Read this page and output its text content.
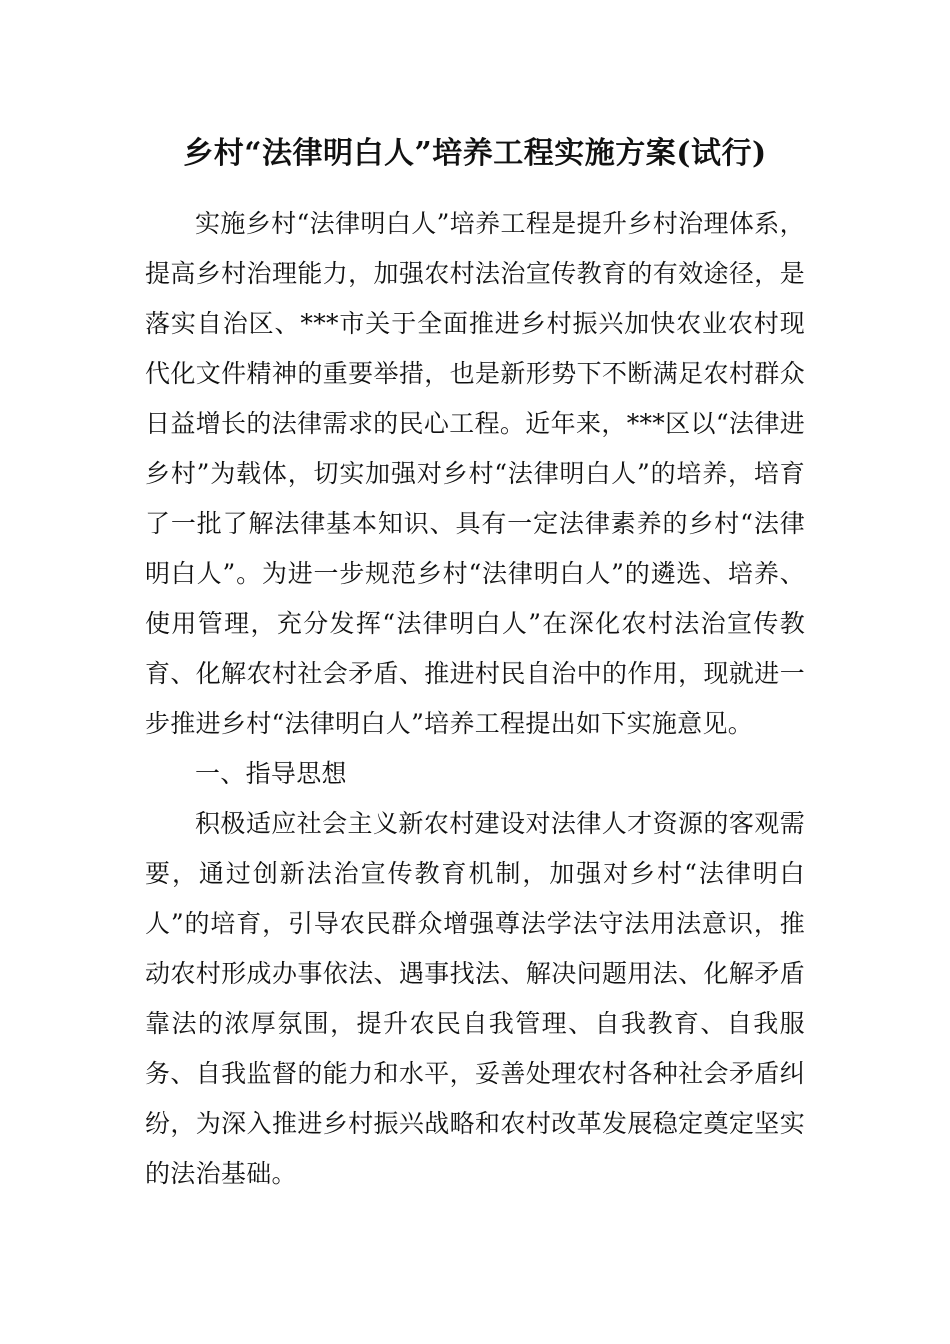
乡村“法律明白人”培养工程实施方案(试行)

实施乡村“法律明白人”培养工程是提升乡村治理体系，提高乡村治理能力，加强农村法治宣传教育的有效途径，是落实自治区、***市关于全面推进乡村振兴加快农业农村现代化文件精神的重要举措，也是新形势下不断满足农村群众日益增长的法律需求的民心工程。近年来，***区以“法律进乡村”为载体，切实加强对乡村“法律明白人”的培养，培育了一批了解法律基本知识、具有一定法律素养的乡村“法律明白人”。为进一步规范乡村“法律明白人”的遴选、培养、使用管理，充分发挥“法律明白人”在深化农村法治宣传教育、化解农村社会矛盾、推进村民自治中的作用，现就进一步推进乡村“法律明白人”培养工程提出如下实施意见。

一、指导思想

积极适应社会主义新农村建设对法律人才资源的客观需要，通过创新法治宣传教育机制，加强对乡村“法律明白人”的培育，引导农民群众增强尊法学法守法用法意识，推动农村形成办事依法、遇事找法、解决问题用法、化解矛盾靠法的浓厚氛围，提升农民自我管理、自我教育、自我服务、自我监督的能力和水平，妥善处理农村各种社会矛盾纠纷，为深入推进乡村振兴战略和农村改革发展稳定奠定坚实的法治基础。
